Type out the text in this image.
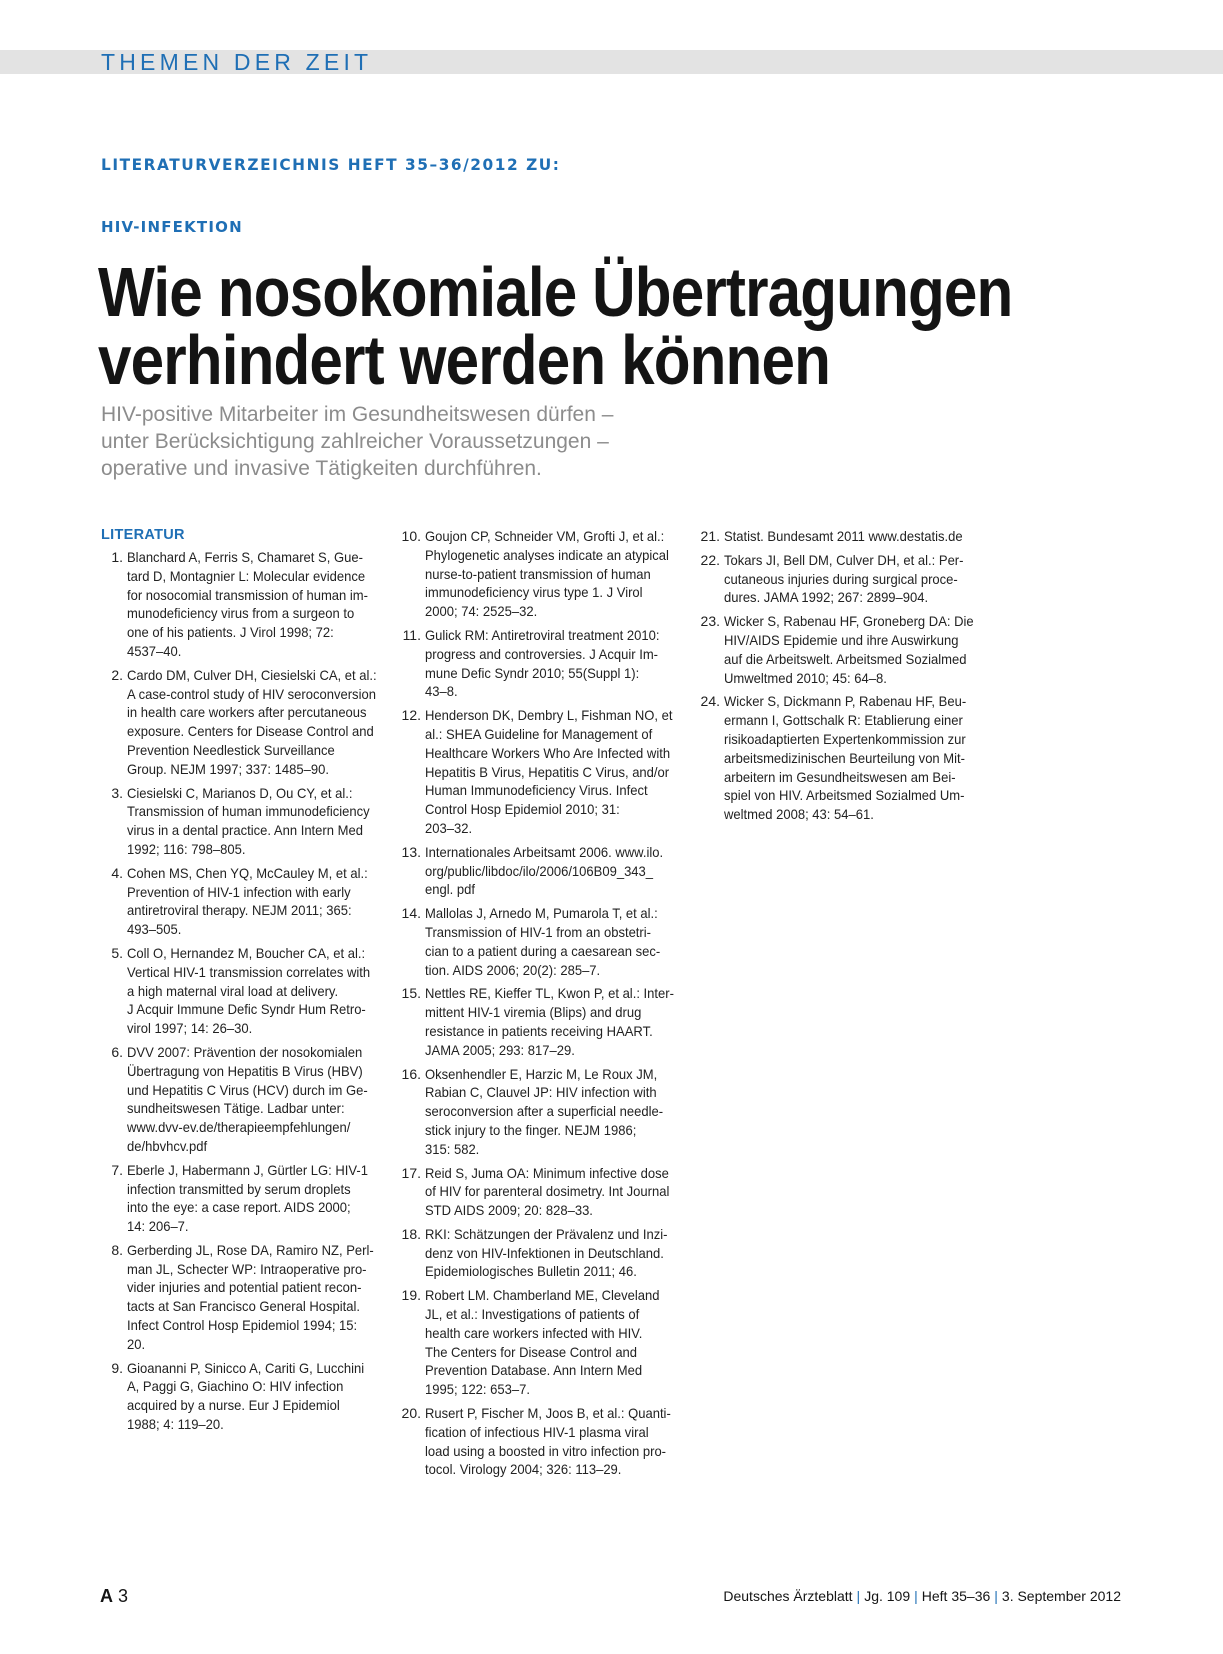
THEMEN DER ZEIT
LITERATURVERZEICHNIS HEFT 35–36/2012 ZU:
HIV-INFEKTION
Wie nosokomiale Übertragungen
verhindert werden können
HIV-positive Mitarbeiter im Gesundheitswesen dürfen –
unter Berücksichtigung zahlreicher Voraussetzungen –
operative und invasive Tätigkeiten durchführen.
LITERATUR
1. Blanchard A, Ferris S, Chamaret S, Gue-
tard D, Montagnier L: Molecular evidence
for nosocomial transmission of human im-
munodeficiency virus from a surgeon to
one of his patients. J Virol 1998; 72:
4537–40.
2. Cardo DM, Culver DH, Ciesielski CA, et al.:
A case-control study of HIV seroconversion
in health care workers after percutaneous
exposure. Centers for Disease Control and
Prevention Needlestick Surveillance
Group. NEJM 1997; 337: 1485–90.
3. Ciesielski C, Marianos D, Ou CY, et al.:
Transmission of human immunodeficiency
virus in a dental practice. Ann Intern Med
1992; 116: 798–805.
4. Cohen MS, Chen YQ, McCauley M, et al.:
Prevention of HIV-1 infection with early
antiretroviral therapy. NEJM 2011; 365:
493–505.
5. Coll O, Hernandez M, Boucher CA, et al.:
Vertical HIV-1 transmission correlates with
a high maternal viral load at delivery.
J Acquir Immune Defic Syndr Hum Retro-
virol 1997; 14: 26–30.
6. DVV 2007: Prävention der nosokomialen
Übertragung von Hepatitis B Virus (HBV)
und Hepatitis C Virus (HCV) durch im Ge-
sundheitswesen Tätige. Ladbar unter:
www.dvv-ev.de/therapieempfehlungen/
de/hbvhcv.pdf
7. Eberle J, Habermann J, Gürtler LG: HIV-1
infection transmitted by serum droplets
into the eye: a case report. AIDS 2000;
14: 206–7.
8. Gerberding JL, Rose DA, Ramiro NZ, Perl-
man JL, Schecter WP: Intraoperative pro-
vider injuries and potential patient recon-
tacts at San Francisco General Hospital.
Infect Control Hosp Epidemiol 1994; 15:
20.
9. Gioananni P, Sinicco A, Cariti G, Lucchini
A, Paggi G, Giachino O: HIV infection
acquired by a nurse. Eur J Epidemiol
1988; 4: 119–20.
10. Goujon CP, Schneider VM, Grofti J, et al.:
Phylogenetic analyses indicate an atypical
nurse-to-patient transmission of human
immunodeficiency virus type 1. J Virol
2000; 74: 2525–32.
11. Gulick RM: Antiretroviral treatment 2010:
progress and controversies. J Acquir Im-
mune Defic Syndr 2010; 55(Suppl 1):
43–8.
12. Henderson DK, Dembry L, Fishman NO, et
al.: SHEA Guideline for Management of
Healthcare Workers Who Are Infected with
Hepatitis B Virus, Hepatitis C Virus, and/or
Human Immunodeficiency Virus. Infect
Control Hosp Epidemiol 2010; 31:
203–32.
13. Internationales Arbeitsamt 2006. www.ilo.
org/public/libdoc/ilo/2006/106B09_343_
engl. pdf
14. Mallolas J, Arnedo M, Pumarola T, et al.:
Transmission of HIV-1 from an obstetri-
cian to a patient during a caesarean sec-
tion. AIDS 2006; 20(2): 285–7.
15. Nettles RE, Kieffer TL, Kwon P, et al.: Inter-
mittent HIV-1 viremia (Blips) and drug
resistance in patients receiving HAART.
JAMA 2005; 293: 817–29.
16. Oksenhendler E, Harzic M, Le Roux JM,
Rabian C, Clauvel JP: HIV infection with
seroconversion after a superficial needle-
stick injury to the finger. NEJM 1986;
315: 582.
17. Reid S, Juma OA: Minimum infective dose
of HIV for parenteral dosimetry. Int Journal
STD AIDS 2009; 20: 828–33.
18. RKI: Schätzungen der Prävalenz und Inzi-
denz von HIV-Infektionen in Deutschland.
Epidemiologisches Bulletin 2011; 46.
19. Robert LM. Chamberland ME, Cleveland
JL, et al.: Investigations of patients of
health care workers infected with HIV.
The Centers for Disease Control and
Prevention Database. Ann Intern Med
1995; 122: 653–7.
20. Rusert P, Fischer M, Joos B, et al.: Quanti-
fication of infectious HIV-1 plasma viral
load using a boosted in vitro infection pro-
tocol. Virology 2004; 326: 113–29.
21. Statist. Bundesamt 2011 www.destatis.de
22. Tokars JI, Bell DM, Culver DH, et al.: Per-
cutaneous injuries during surgical proce-
dures. JAMA 1992; 267: 2899–904.
23. Wicker S, Rabenau HF, Groneberg DA: Die
HIV/AIDS Epidemie und ihre Auswirkung
auf die Arbeitswelt. Arbeitsmed Sozialmed
Umweltmed 2010; 45: 64–8.
24. Wicker S, Dickmann P, Rabenau HF, Beu-
ermann I, Gottschalk R: Etablierung einer
risikoadaptierten Expertenkommission zur
arbeitsmedizinischen Beurteilung von Mit-
arbeitern im Gesundheitswesen am Bei-
spiel von HIV. Arbeitsmed Sozialmed Um-
weltmed 2008; 43: 54–61.
A 3	Deutsches Ärzteblatt | Jg. 109 | Heft 35–36 | 3. September 2012
